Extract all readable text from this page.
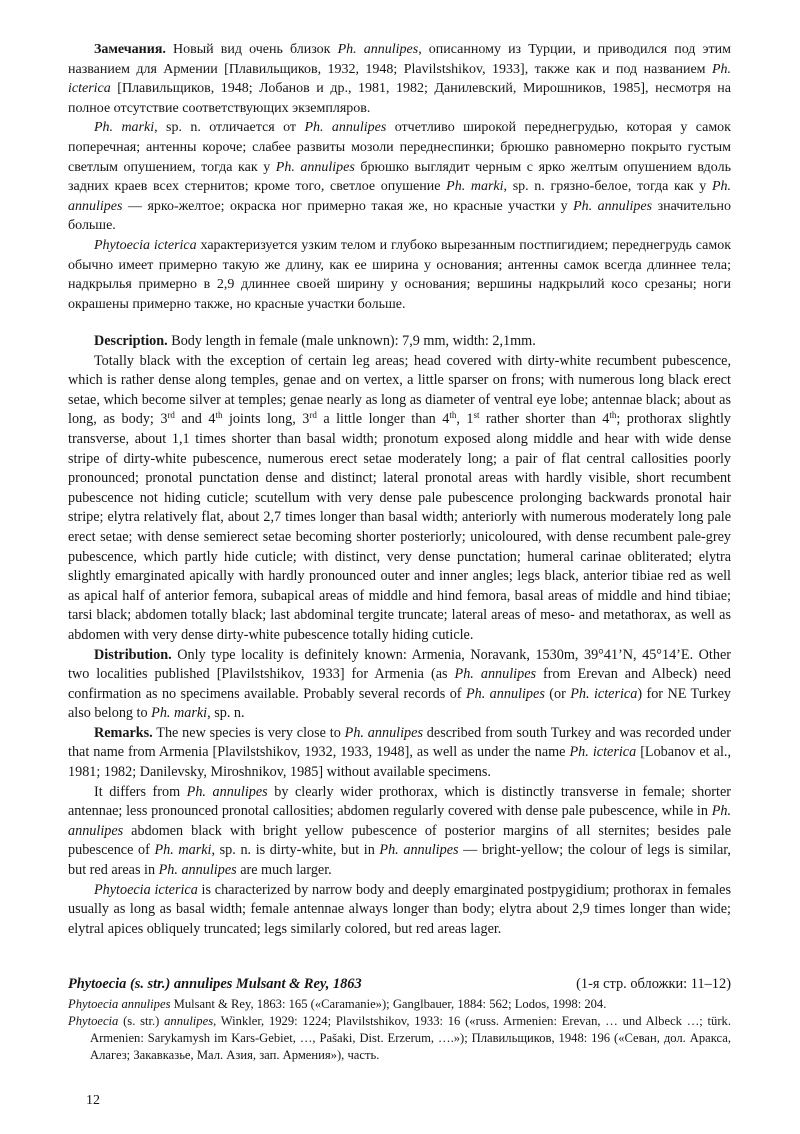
Замечания. Новый вид очень близок Ph. annulipes, описанному из Турции, и приводился под этим названием для Армении [Плавильщиков, 1932, 1948; Plavilstshikov, 1933], также как и под названием Ph. icterica [Плавильщиков, 1948; Лобанов и др., 1981, 1982; Данилевский, Мирошников, 1985], несмотря на полное отсутствие соответствующих экземпляров.

Ph. marki, sp. n. отличается от Ph. annulipes отчетливо широкой переднегрудью, которая у самок поперечная; антенны короче; слабее развиты мозоли переднеспинки; брюшко равномерно покрыто густым светлым опушением, тогда как у Ph. annulipes брюшко выглядит черным с ярко желтым опушением вдоль задних краев всех стернитов; кроме того, светлое опушение Ph. marki, sp. n. грязно-белое, тогда как у Ph. annulipes — ярко-желтое; окраска ног примерно такая же, но красные участки у Ph. annulipes значительно больше.

Phytoecia icterica характеризуется узким телом и глубоко вырезанным постпигидием; переднегрудь самок обычно имеет примерно такую же длину, как ее ширина у основания; антенны самок всегда длиннее тела; надкрылья примерно в 2,9 длиннее своей ширину у основания; вершины надкрылий косо срезаны; ноги окрашены примерно также, но красные участки больше.

Description. Body length in female (male unknown): 7,9 mm, width: 2,1mm.

Totally black with the exception of certain leg areas; head covered with dirty-white recumbent pubescence, which is rather dense along temples, genae and on vertex, a little sparser on frons; with numerous long black erect setae, which become silver at temples; genae nearly as long as diameter of ventral eye lobe; antennae black; about as long, as body; 3rd and 4th joints long, 3rd a little longer than 4th, 1st rather shorter than 4th; prothorax slightly transverse, about 1,1 times shorter than basal width; pronotum exposed along middle and hear with wide dense stripe of dirty-white pubescence, numerous erect setae moderately long; a pair of flat central callosities poorly pronounced; pronotal punctation dense and distinct; lateral pronotal areas with hardly visible, short recumbent pubescence not hiding cuticle; scutellum with very dense pale pubescence prolonging backwards pronotal hair stripe; elytra relatively flat, about 2,7 times longer than basal width; anteriorly with numerous moderately long pale erect setae; with dense semierect setae becoming shorter posteriorly; unicoloured, with dense recumbent pale-grey pubescence, which partly hide cuticle; with distinct, very dense punctation; humeral carinae obliterated; elytra slightly emarginated apically with hardly pronounced outer and inner angles; legs black, anterior tibiae red as well as apical half of anterior femora, subapical areas of middle and hind femora, basal areas of middle and hind tibiae; tarsi black; abdomen totally black; last abdominal tergite truncate; lateral areas of meso- and metathorax, as well as abdomen with very dense dirty-white pubescence totally hiding cuticle.

Distribution. Only type locality is definitely known: Armenia, Noravank, 1530m, 39°41’N, 45°14’E. Other two localities published [Plavilstshikov, 1933] for Armenia (as Ph. annulipes from Erevan and Albeck) need confirmation as no specimens available. Probably several records of Ph. annulipes (or Ph. icterica) for NE Turkey also belong to Ph. marki, sp. n.

Remarks. The new species is very close to Ph. annulipes described from south Turkey and was recorded under that name from Armenia [Plavilstshikov, 1932, 1933, 1948], as well as under the name Ph. icterica [Lobanov et al., 1981; 1982; Danilevsky, Miroshnikov, 1985] without available specimens.

It differs from Ph. annulipes by clearly wider prothorax, which is distinctly transverse in female; shorter antennae; less pronounced pronotal callosities; abdomen regularly covered with dense pale pubescence, while in Ph. annulipes abdomen black with bright yellow pubescence of posterior margins of all sternites; besides pale pubescence of Ph. marki, sp. n. is dirty-white, but in Ph. annulipes — bright-yellow; the colour of legs is similar, but red areas in Ph. annulipes are much larger.

Phytoecia icterica is characterized by narrow body and deeply emarginated postpygidium; prothorax in females usually as long as basal width; female antennae always longer than body; elytra about 2,9 times longer than wide; elytral apices obliquely truncated; legs similarly colored, but red areas lager.

Phytoecia (s. str.) annulipes Mulsant & Rey, 1863	(1-я стр. обложки: 11–12)

Phytoecia annulipes Mulsant & Rey, 1863: 165 («Caramanie»); Ganglbauer, 1884: 562; Lodos, 1998: 204.

Phytoecia (s. str.) annulipes, Winkler, 1929: 1224; Plavilstshikov, 1933: 16 («russ. Armenien: Erevan, … und Albeck …; türk. Armenien: Sarykamysh im Kars-Gebiet, …, Pašaki, Dist. Erzerum, ….»); Плавильщиков, 1948: 196 («Севан, дол. Аракса, Алагез; Закавказье, Мал. Азия, зап. Армения»), часть.

12
